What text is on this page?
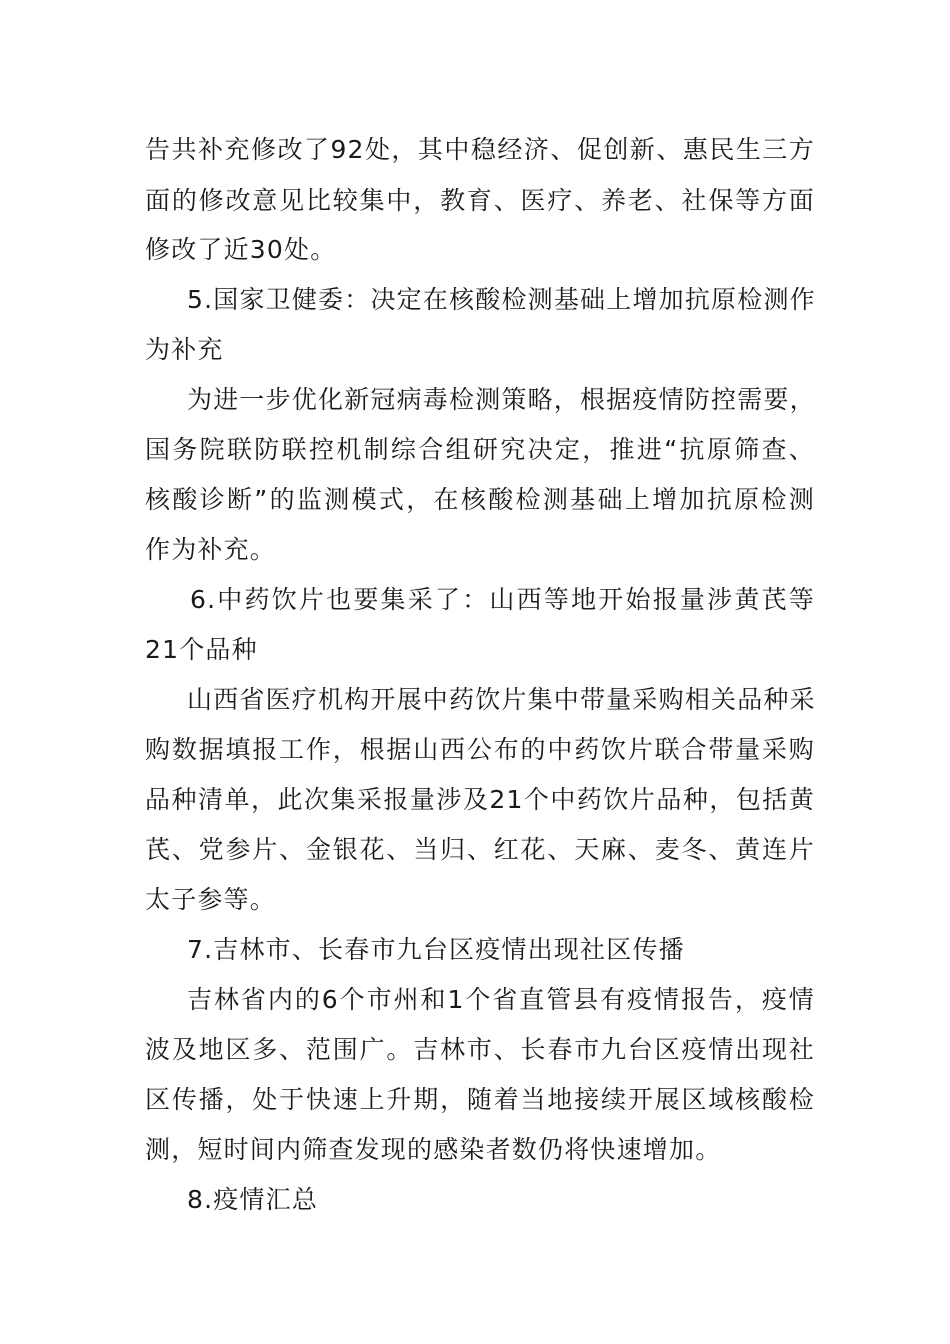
告共补充修改了92处，其中稳经济、促创新、惠民生三方
面的修改意见比较集中，教育、医疗、养老、社保等方面
修改了近30处。
5.国家卫健委：决定在核酸检测基础上增加抗原检测作
为补充
为进一步优化新冠病毒检测策略，根据疫情防控需要，
国务院联防联控机制综合组研究决定，推进“抗原筛查、
核酸诊断”的监测模式，在核酸检测基础上增加抗原检测
作为补充。
6.中药饮片也要集采了：山西等地开始报量涉黄芪等
21个品种
山西省医疗机构开展中药饮片集中带量采购相关品种采
购数据填报工作，根据山西公布的中药饮片联合带量采购
品种清单，此次集采报量涉及21个中药饮片品种，包括黄
芪、党参片、金银花、当归、红花、天麻、麦冬、黄连片
太子参等。
7.吉林市、长春市九台区疫情出现社区传播
吉林省内的6个市州和1个省直管县有疫情报告，疫情
波及地区多、范围广。吉林市、长春市九台区疫情出现社
区传播，处于快速上升期，随着当地接续开展区域核酸检
测，短时间内筛查发现的感染者数仍将快速增加。
8.疫情汇总
